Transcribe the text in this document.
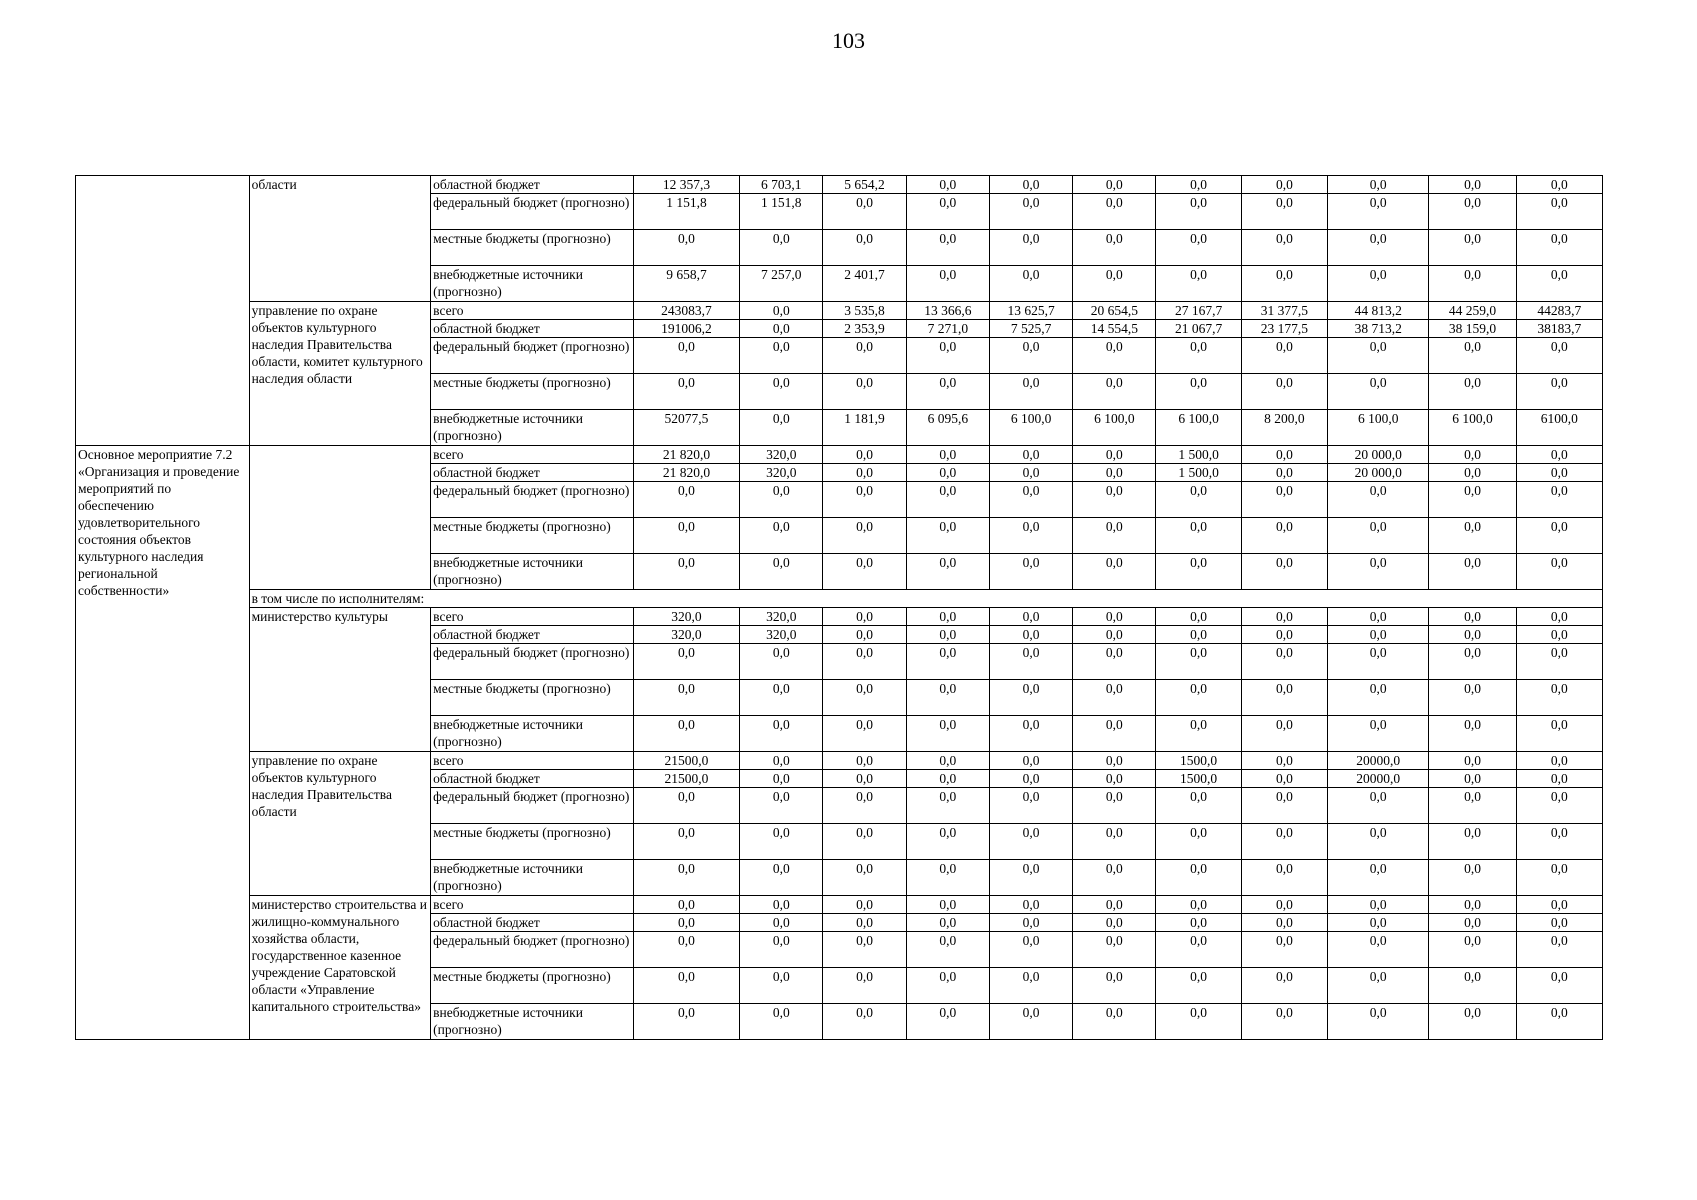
103
	области	областной бюджет	12 357,3	6 703,1	5 654,2	0,0	0,0	0,0	0,0	0,0	0,0	0,0	0,0
		федеральный бюджет (прогнозно)	1 151,8	1 151,8	0,0	0,0	0,0	0,0	0,0	0,0	0,0	0,0	0,0
		местные бюджеты (прогнозно)	0,0	0,0	0,0	0,0	0,0	0,0	0,0	0,0	0,0	0,0	0,0
		внебюджетные источники (прогнозно)	9 658,7	7 257,0	2 401,7	0,0	0,0	0,0	0,0	0,0	0,0	0,0	0,0
	управление по охране объектов культурного наследия Правительства области, комитет культурного наследия области	всего	243083,7	0,0	3 535,8	13 366,6	13 625,7	20 654,5	27 167,7	31 377,5	44 813,2	44 259,0	44283,7
		областной бюджет	191006,2	0,0	2 353,9	7 271,0	7 525,7	14 554,5	21 067,7	23 177,5	38 713,2	38 159,0	38183,7
		федеральный бюджет (прогнозно)	0,0	0,0	0,0	0,0	0,0	0,0	0,0	0,0	0,0	0,0	0,0
		местные бюджеты (прогнозно)	0,0	0,0	0,0	0,0	0,0	0,0	0,0	0,0	0,0	0,0	0,0
		внебюджетные источники (прогнозно)	52077,5	0,0	1 181,9	6 095,6	6 100,0	6 100,0	6 100,0	8 200,0	6 100,0	6 100,0	6100,0
Основное мероприятие 7.2 «Организация и проведение мероприятий по обеспечению удовлетворительного состояния объектов культурного наследия региональной собственности»		всего	21 820,0	320,0	0,0	0,0	0,0	0,0	1 500,0	0,0	20 000,0	0,0	0,0
		областной бюджет	21 820,0	320,0	0,0	0,0	0,0	0,0	1 500,0	0,0	20 000,0	0,0	0,0
		федеральный бюджет (прогнозно)	0,0	0,0	0,0	0,0	0,0	0,0	0,0	0,0	0,0	0,0	0,0
		местные бюджеты (прогнозно)	0,0	0,0	0,0	0,0	0,0	0,0	0,0	0,0	0,0	0,0	0,0
		внебюджетные источники (прогнозно)	0,0	0,0	0,0	0,0	0,0	0,0	0,0	0,0	0,0	0,0	0,0
	в том числе по исполнителям:												
	министерство культуры	всего	320,0	320,0	0,0	0,0	0,0	0,0	0,0	0,0	0,0	0,0	0,0
		областной бюджет	320,0	320,0	0,0	0,0	0,0	0,0	0,0	0,0	0,0	0,0	0,0
		федеральный бюджет (прогнозно)	0,0	0,0	0,0	0,0	0,0	0,0	0,0	0,0	0,0	0,0	0,0
		местные бюджеты (прогнозно)	0,0	0,0	0,0	0,0	0,0	0,0	0,0	0,0	0,0	0,0	0,0
		внебюджетные источники (прогнозно)	0,0	0,0	0,0	0,0	0,0	0,0	0,0	0,0	0,0	0,0	0,0
	управление по охране объектов культурного наследия Правительства области	всего	21500,0	0,0	0,0	0,0	0,0	0,0	1500,0	0,0	20000,0	0,0	0,0
		областной бюджет	21500,0	0,0	0,0	0,0	0,0	0,0	1500,0	0,0	20000,0	0,0	0,0
		федеральный бюджет (прогнозно)	0,0	0,0	0,0	0,0	0,0	0,0	0,0	0,0	0,0	0,0	0,0
		местные бюджеты (прогнозно)	0,0	0,0	0,0	0,0	0,0	0,0	0,0	0,0	0,0	0,0	0,0
		внебюджетные источники (прогнозно)	0,0	0,0	0,0	0,0	0,0	0,0	0,0	0,0	0,0	0,0	0,0
	министерство строительства и жилищно-коммунального хозяйства области, государственное казенное учреждение Саратовской области «Управление капитального строительства»	всего	0,0	0,0	0,0	0,0	0,0	0,0	0,0	0,0	0,0	0,0	0,0
		областной бюджет	0,0	0,0	0,0	0,0	0,0	0,0	0,0	0,0	0,0	0,0	0,0
		федеральный бюджет (прогнозно)	0,0	0,0	0,0	0,0	0,0	0,0	0,0	0,0	0,0	0,0	0,0
		местные бюджеты (прогнозно)	0,0	0,0	0,0	0,0	0,0	0,0	0,0	0,0	0,0	0,0	0,0
		внебюджетные источники (прогнозно)	0,0	0,0	0,0	0,0	0,0	0,0	0,0	0,0	0,0	0,0	0,0
